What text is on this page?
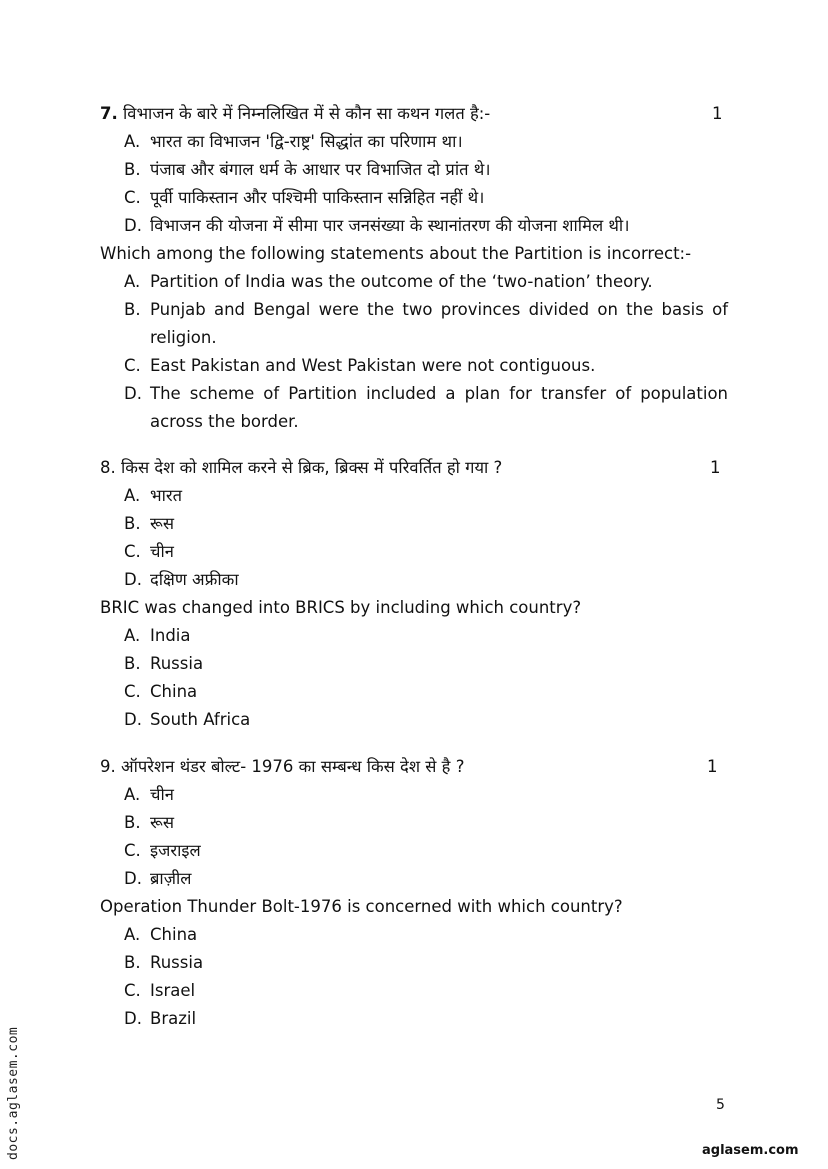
7. विभाजन के बारे में निम्नलिखित में से कौन सा कथन गलत है:-	1
A. भारत का विभाजन 'द्वि-राष्ट्र' सिद्धांत का परिणाम था।
B. पंजाब और बंगाल धर्म के आधार पर विभाजित दो प्रांत थे।
C. पूर्वी पाकिस्तान और पश्चिमी पाकिस्तान सन्निहित नहीं थे।
D. विभाजन की योजना में सीमा पार जनसंख्या के स्थानांतरण की योजना शामिल थी।
Which among the following statements about the Partition is incorrect:-
A. Partition of India was the outcome of the ‘two-nation’ theory.
B. Punjab and Bengal were the two provinces divided on the basis of
religion.
C. East Pakistan and West Pakistan were not contiguous.
D. The scheme of Partition included a plan for transfer of population
across the border.
8. किस देश को शामिल करने से ब्रिक, ब्रिक्स में परिवर्तित हो गया ?	1
A. भारत
B. रूस
C. चीन
D. दक्षिण अफ्रीका
BRIC was changed into BRICS by including which country?
A. India
B. Russia
C. China
D. South Africa
9. ऑपरेशन थंडर बोल्ट- 1976 का सम्बन्ध किस देश से है ?	1
A. चीन
B. रूस
C. इजराइल
D. ब्राज़ील
Operation Thunder Bolt-1976 is concerned with which country?
A. China
B. Russia
C. Israel
D. Brazil
5
docs.aglasem.com	aglasem.com
